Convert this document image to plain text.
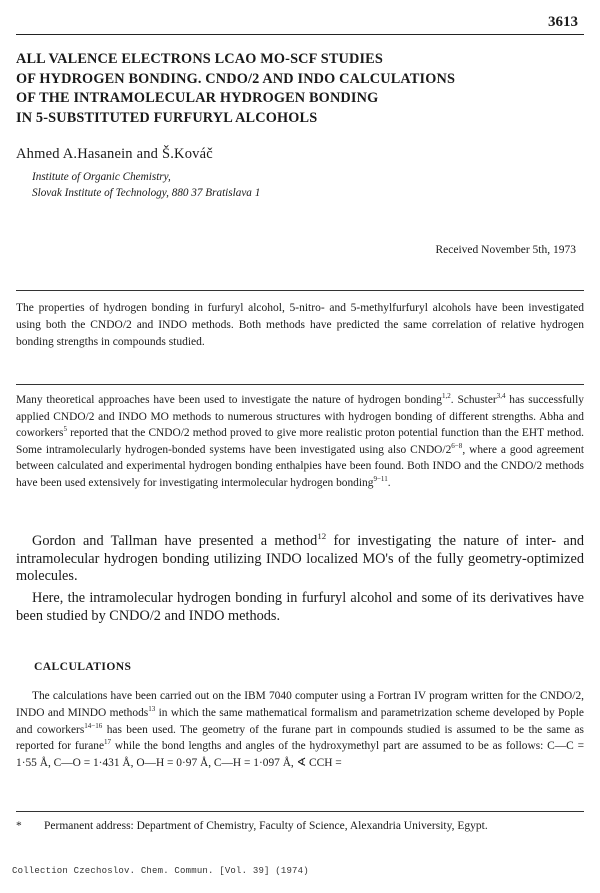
3613
ALL VALENCE ELECTRONS LCAO MO-SCF STUDIES
OF HYDROGEN BONDING. CNDO/2 AND INDO CALCULATIONS
OF THE INTRAMOLECULAR HYDROGEN BONDING
IN 5-SUBSTITUTED FURFURYL ALCOHOLS
Ahmed A.Hasanein and Š.Kováč
Institute of Organic Chemistry,
Slovak Institute of Technology, 880 37 Bratislava 1
Received November 5th, 1973
The properties of hydrogen bonding in furfuryl alcohol, 5-nitro- and 5-methylfurfuryl alcohols have been investigated using both the CNDO/2 and INDO methods. Both methods have predicted the same correlation of relative hydrogen bonding strengths in compounds studied.
Many theoretical approaches have been used to investigate the nature of hydrogen bonding$^{1,2}$. Schuster$^{3,4}$ has successfully applied CNDO/2 and INDO MO methods to numerous structures with hydrogen bonding of different strengths. Abha and coworkers$^5$ reported that the CNDO/2 method proved to give more realistic proton potential function than the EHT method. Some intramolecularly hydrogen-bonded systems have been investigated using also CNDO/$2^{6-8}$, where a good agreement between calculated and experimental hydrogen bonding enthalpies have been found. Both INDO and the CNDO/2 methods have been used extensively for investigating intermolecular hydrogen bonding$^{9-11}$.
Gordon and Tallman have presented a method$^{12}$ for investigating the nature of inter- and intramolecular hydrogen bonding utilizing INDO localized MO's of the fully geometry-optimized molecules.
Here, the intramolecular hydrogen bonding in furfuryl alcohol and some of its derivatives have been studied by CNDO/2 and INDO methods.
CALCULATIONS
The calculations have been carried out on the IBM 7040 computer using a Fortran IV program written for the CNDO/2, INDO and MINDO methods$^{13}$ in which the same mathematical formalism and parametrization scheme developed by Pople and coworkers$^{14-16}$ has been used. The geometry of the furane part in compounds studied is assumed to be the same as reported for furane$^{17}$ while the bond lengths and angles of the hydroxymethyl part are assumed to be as follows: C—C = 1·55 Å, C—O = 1·431 Å, O—H = 0·97 Å, C—H = 1·097 Å, ∢ CCH =
* Permanent address: Department of Chemistry, Faculty of Science, Alexandria University, Egypt.
Collection Czechoslov. Chem. Commun. [Vol. 39] (1974)
